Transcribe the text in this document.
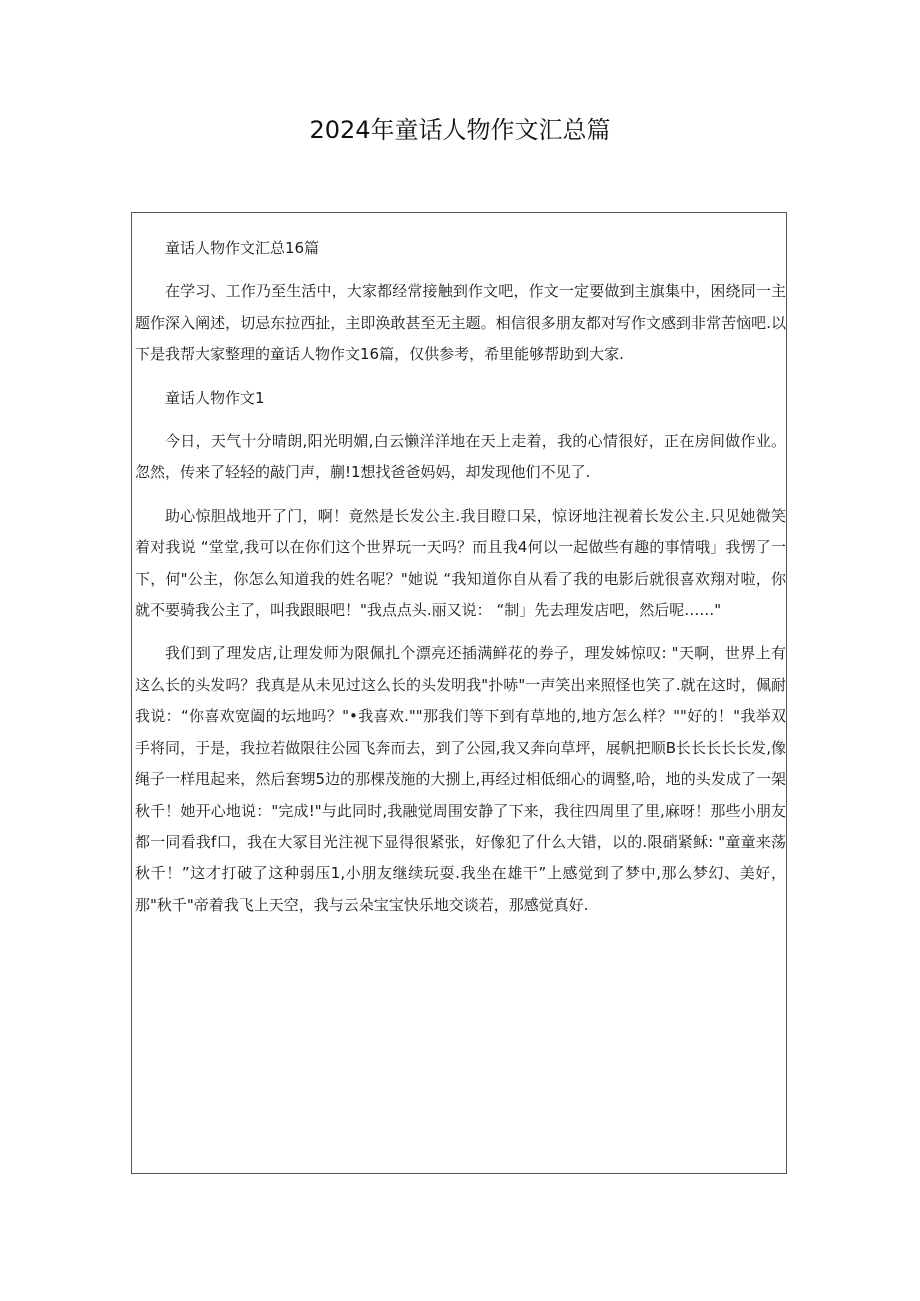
2024年童话人物作文汇总篇

童话人物作文汇总16篇

在学习、工作乃至生活中，大家都经常接触到作文吧，作文一定要做到主旗集中，困绕同一主题作深入阐述，切忌东拉西扯，主即涣敢甚至无主题。相信很多朋友都对写作文感到非常苦恼吧.以下是我帮大家整理的童话人物作文16篇，仅供参考，希里能够帮助到大家.

童话人物作文1

今日，天气十分晴朗,阳光明媚,白云懒洋洋地在天上走着，我的心情很好，正在房间做作业。忽然，传来了轻轻的敲门声，蒯!1想找爸爸妈妈，却发现他们不见了.

助心惊胆战地开了门，啊！竟然是长发公主.我目瞪口呆，惊讶地注视着长发公主.只见她微笑着对我说 “堂堂,我可以在你们这个世界玩一天吗？而且我4何以一起做些有趣的事情哦」我愣了一下，何"公主，你怎么知道我的姓名呢？"她说 “我知道你自从看了我的电影后就很喜欢翔对啦，你就不要骑我公主了，叫我跟眼吧！"我点点头.丽又说： “制」先去理发店吧，然后呢……"

我们到了理发店,让理发师为限佩扎个漂亮还插满鲜花的券子，理发姊惊叹: "天啊，世界上有这么长的头发吗？我真是从未见过这么长的头发明我"扑哧"一声笑出来照怪也笑了.就在这时，佩耐我说：“你喜欢宽阖的坛地吗？"•我喜欢.""那我们等下到有草地的,地方怎么样？""好的！"我举双手将同，于是，我拉若做限往公园飞奔而去，到了公园,我又奔向草坪，展帆把顺B长长长长长发,像绳子一样甩起来，然后套甥5边的那棵茂施的大捌上,再经过相低细心的调整,哈，地的头发成了一架秋千！她开心地说："完成!"与此同时,我融觉周围安静了下来，我往四周里了里,麻呀！那些小朋友都一同看我f口，我在大冢目光注视下显得很紧张，好像犯了什么大错，以的.限硝紧稣: "童童来荡秋千！”这才打破了这种弱压1,小朋友继续玩耍.我坐在雄干”上感觉到了梦中,那么梦幻、美好，那"秋千"帝着我飞上天空，我与云朵宝宝快乐地交谈若，那感觉真好.
